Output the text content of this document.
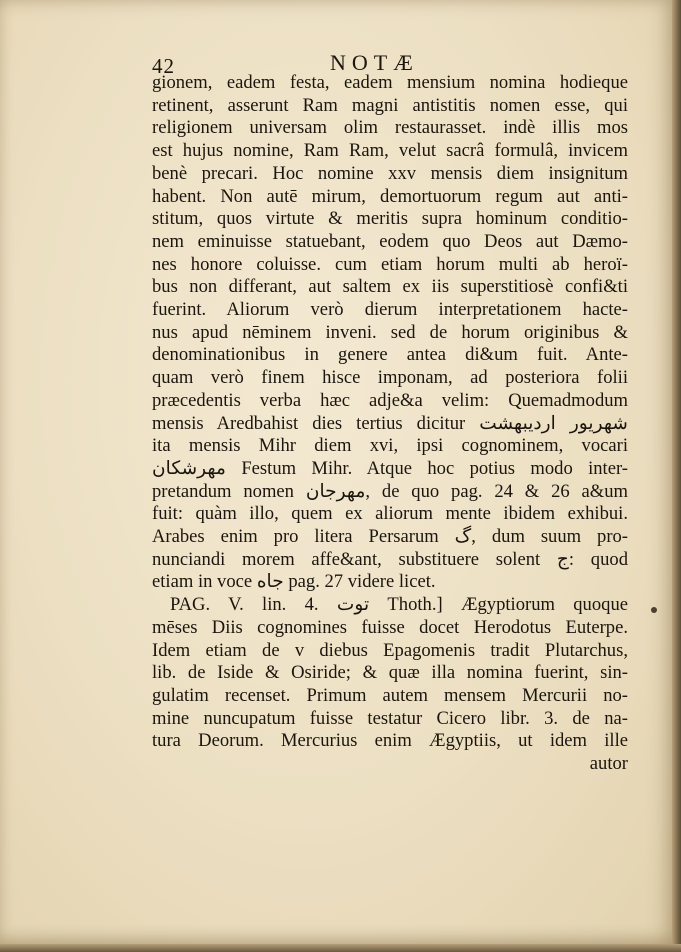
42	NOTÆ
gionem, eadem festa, eadem mensium nomina hodieque
retinent, asserunt Ram magni antistitis nomen esse, qui
religionem universam olim restaurasset. indè illis mos
est hujus nomine, Ram Ram, velut sacrâ formulâ, invicem
benè precari. Hoc nomine xxv mensis diem insignitum
habent. Non autē mirum, demortuorum regum aut anti-
stitum, quos virtute & meritis supra hominum conditio-
nem eminuisse statuebant, eodem quo Deos aut Dæmo-
nes honore coluisse. cum etiam horum multi ab heroï-
bus non differant, aut saltem ex iis superstitiosè confi&ti
fuerint. Aliorum verò dierum interpretationem hacte-
nus apud nēminem inveni. sed de horum originibus &
denominationibus in genere antea di&um fuit. Ante-
quam verò finem hisce imponam, ad posteriora folii
præcedentis verba hæc adje&a velim: Quemadmodum
mensis Aredbahist dies tertius dicitur شهریور ارديبهشت
ita mensis Mihr diem xvi, ipsi cognominem, vocari
مهرشکان Festum Mihr. Atque hoc potius modo inter-
pretandum nomen مهرجان, de quo pag. 24 & 26 a&um
fuit: quàm illo, quem ex aliorum mente ibidem exhibui.
Arabes enim pro litera Persarum گ, dum suum pro-
nunciandi morem affe&ant, substituere solent ج: quod
etiam in voce جاه pag. 27 videre licet.
PAG. V. lin. 4. توت Thoth.] Ægyptiorum quoque
mēses Diis cognomines fuisse docet Herodotus Euterpe.
Idem etiam de v diebus Epagomenis tradit Plutarchus,
lib. de Iside & Osiride; & quæ illa nomina fuerint, sin-
gulatim recenset. Primum autem mensem Mercurii no-
mine nuncupatum fuisse testatur Cicero libr. 3. de na-
tura Deorum. Mercurius enim Ægyptiis, ut idem ille
autor
